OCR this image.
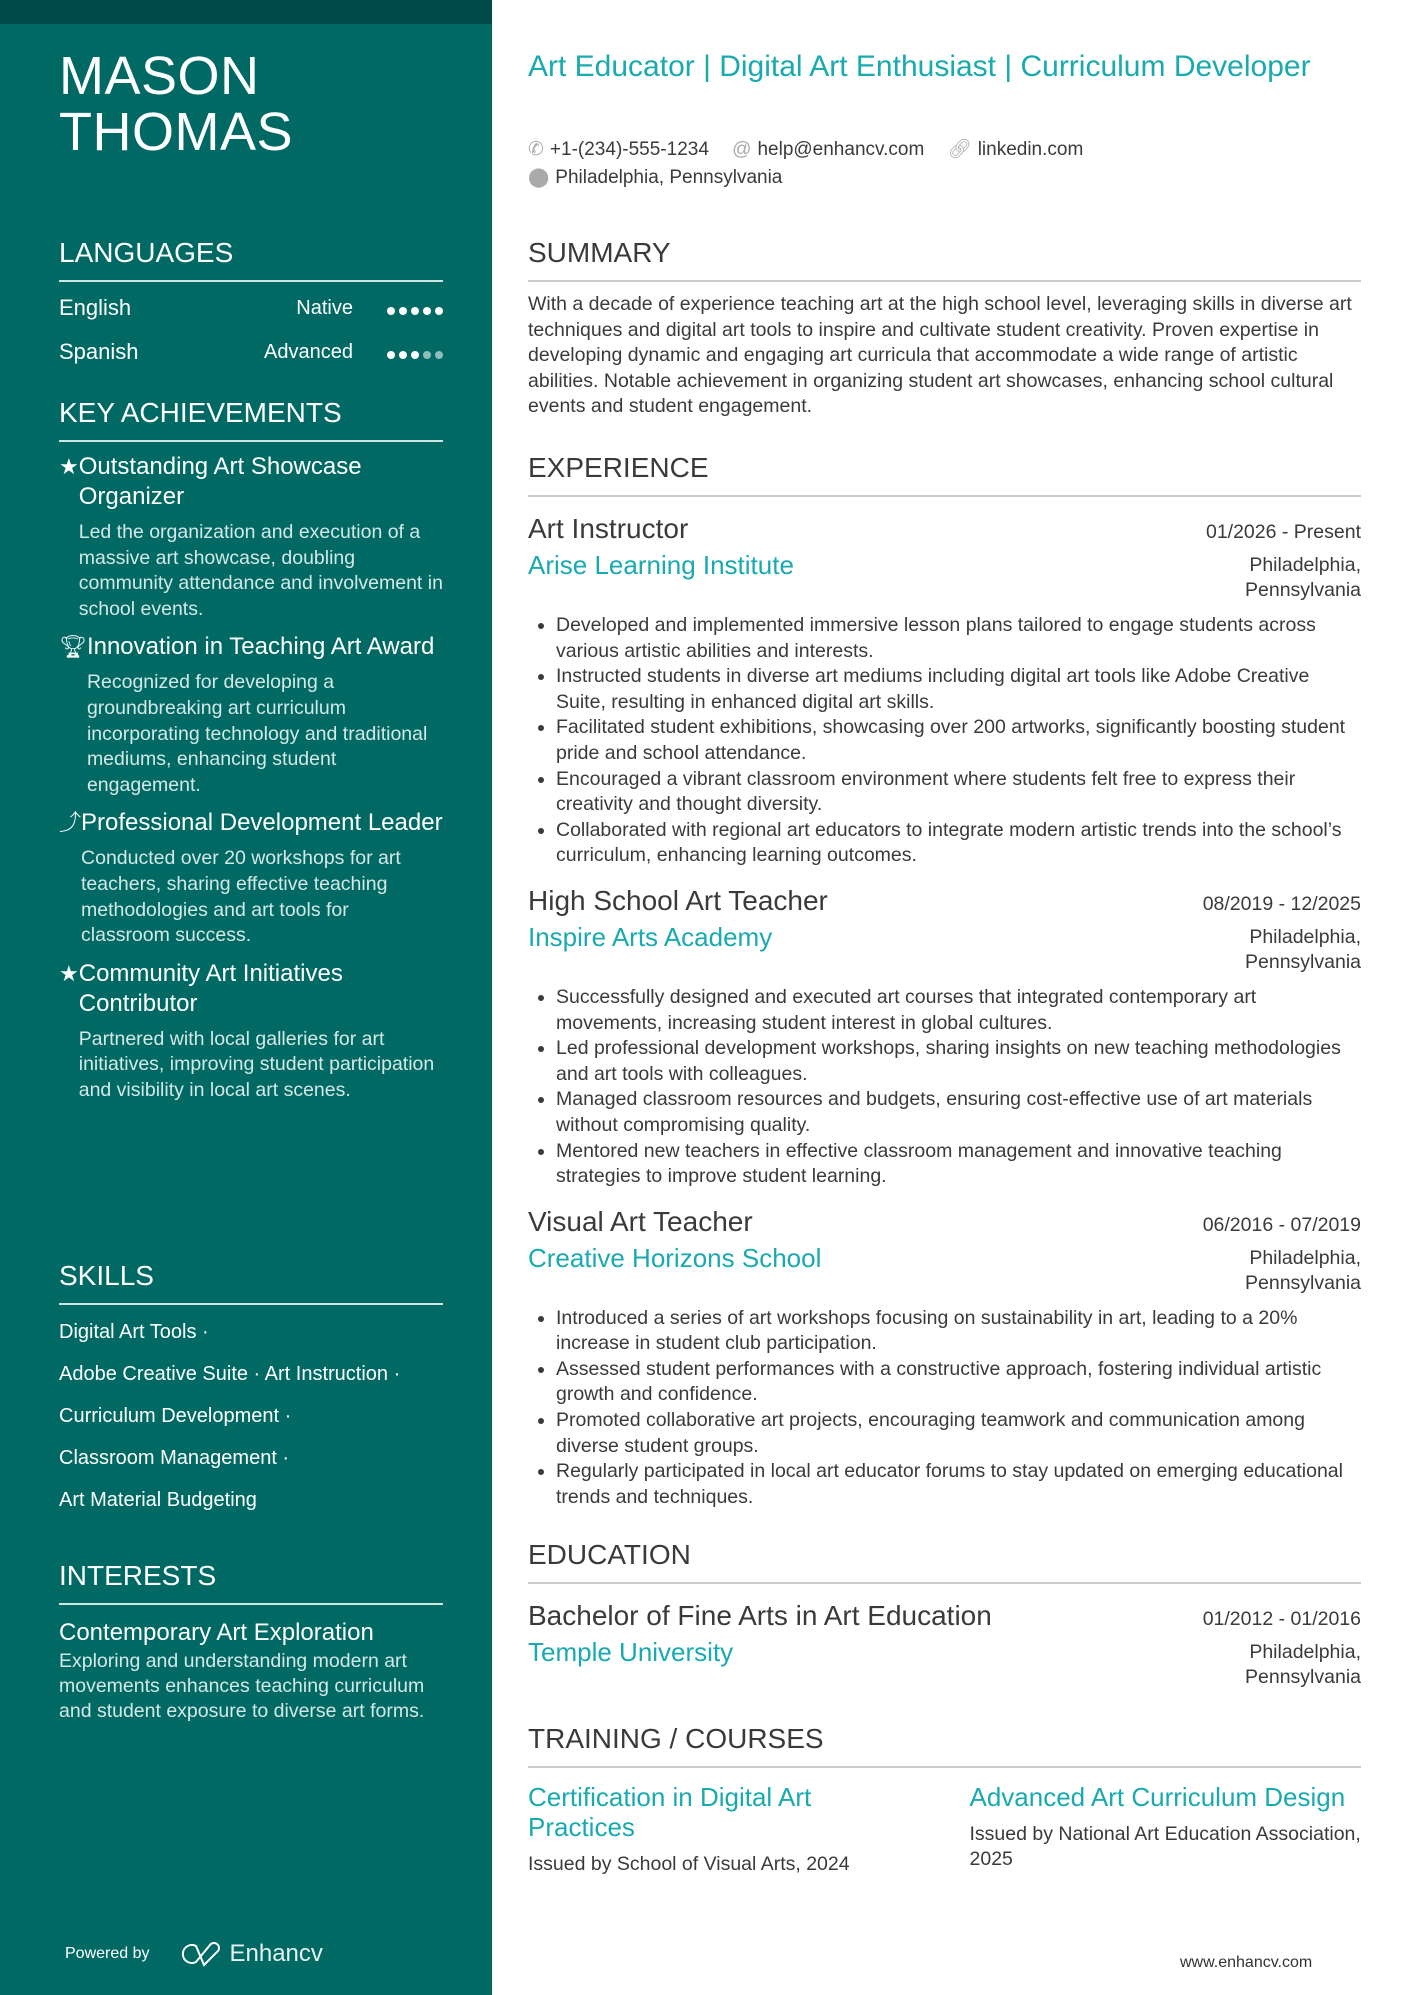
MASON
THOMAS
LANGUAGES
English	Native
Spanish	Advanced
KEY ACHIEVEMENTS
★ Outstanding Art Showcase Organizer
Led the organization and execution of a massive art showcase, doubling community attendance and involvement in school events.
🏆︎ Innovation in Teaching Art Award
Recognized for developing a groundbreaking art curriculum incorporating technology and traditional mediums, enhancing student engagement.
⤴ Professional Development Leader
Conducted over 20 workshops for art teachers, sharing effective teaching methodologies and art tools for classroom success.
★ Community Art Initiatives Contributor
Partnered with local galleries for art initiatives, improving student participation and visibility in local art scenes.
SKILLS
Digital Art Tools ·
Adobe Creative Suite · Art Instruction ·
Curriculum Development ·
Classroom Management ·
Art Material Budgeting
INTERESTS
Contemporary Art Exploration
Exploring and understanding modern art movements enhances teaching curriculum and student exposure to diverse art forms.
Powered by	Enhancv
Art Educator | Digital Art Enthusiast | Curriculum Developer
✆ +1-(234)-555-1234 @ help@enhancv.com 🔗︎ linkedin.com
⬤ Philadelphia, Pennsylvania
SUMMARY
With a decade of experience teaching art at the high school level, leveraging skills in diverse art techniques and digital art tools to inspire and cultivate student creativity. Proven expertise in developing dynamic and engaging art curricula that accommodate a wide range of artistic abilities. Notable achievement in organizing student art showcases, enhancing school cultural events and student engagement.
EXPERIENCE
Art Instructor	01/2026 - Present
Arise Learning Institute	Philadelphia, Pennsylvania
• Developed and implemented immersive lesson plans tailored to engage students across various artistic abilities and interests.
• Instructed students in diverse art mediums including digital art tools like Adobe Creative Suite, resulting in enhanced digital art skills.
• Facilitated student exhibitions, showcasing over 200 artworks, significantly boosting student pride and school attendance.
• Encouraged a vibrant classroom environment where students felt free to express their creativity and thought diversity.
• Collaborated with regional art educators to integrate modern artistic trends into the school’s curriculum, enhancing learning outcomes.
High School Art Teacher	08/2019 - 12/2025
Inspire Arts Academy	Philadelphia, Pennsylvania
• Successfully designed and executed art courses that integrated contemporary art movements, increasing student interest in global cultures.
• Led professional development workshops, sharing insights on new teaching methodologies and art tools with colleagues.
• Managed classroom resources and budgets, ensuring cost-effective use of art materials without compromising quality.
• Mentored new teachers in effective classroom management and innovative teaching strategies to improve student learning.
Visual Art Teacher	06/2016 - 07/2019
Creative Horizons School	Philadelphia, Pennsylvania
• Introduced a series of art workshops focusing on sustainability in art, leading to a 20% increase in student club participation.
• Assessed student performances with a constructive approach, fostering individual artistic growth and confidence.
• Promoted collaborative art projects, encouraging teamwork and communication among diverse student groups.
• Regularly participated in local art educator forums to stay updated on emerging educational trends and techniques.
EDUCATION
Bachelor of Fine Arts in Art Education	01/2012 - 01/2016
Temple University	Philadelphia, Pennsylvania
TRAINING / COURSES
Certification in Digital Art Practices
Issued by School of Visual Arts, 2024
Advanced Art Curriculum Design
Issued by National Art Education Association, 2025
www.enhancv.com
